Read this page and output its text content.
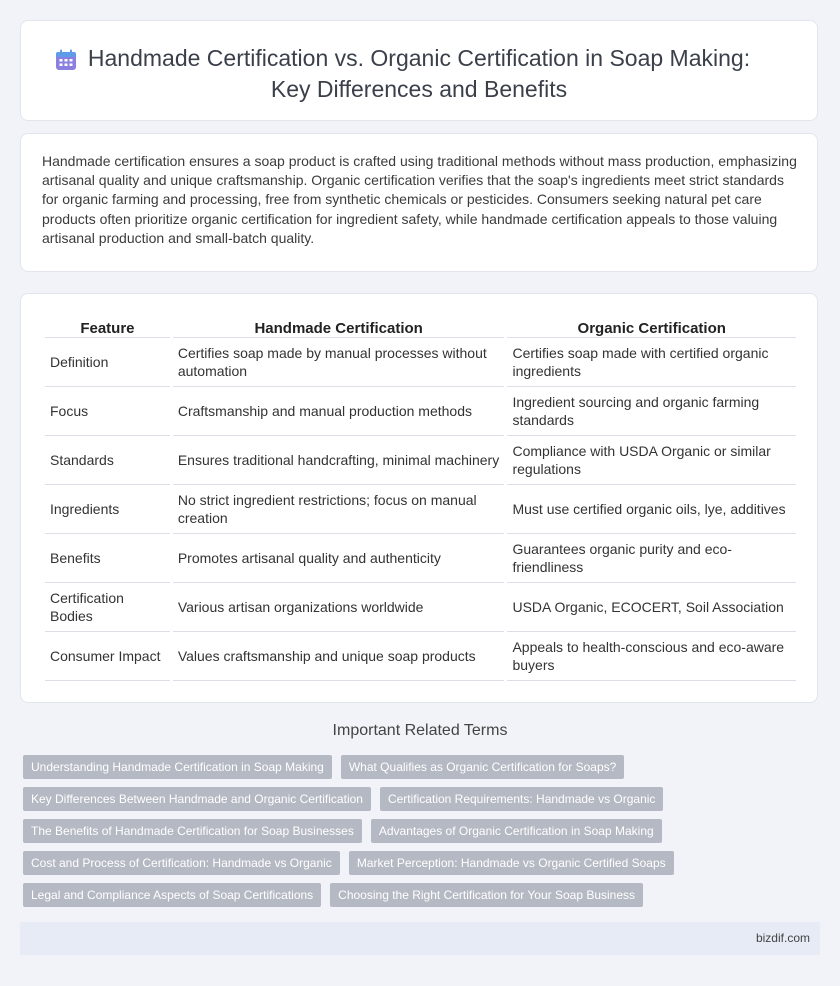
Handmade Certification vs. Organic Certification in Soap Making:
Key Differences and Benefits

Handmade certification ensures a soap product is crafted using traditional methods without mass production, emphasizing artisanal quality and unique craftsmanship. Organic certification verifies that the soap's ingredients meet strict standards for organic farming and processing, free from synthetic chemicals or pesticides. Consumers seeking natural pet care products often prioritize organic certification for ingredient safety, while handmade certification appeals to those valuing artisanal production and small-batch quality.

Feature	Handmade Certification	Organic Certification
Definition	Certifies soap made by manual processes without automation	Certifies soap made with certified organic ingredients
Focus	Craftsmanship and manual production methods	Ingredient sourcing and organic farming standards
Standards	Ensures traditional handcrafting, minimal machinery	Compliance with USDA Organic or similar regulations
Ingredients	No strict ingredient restrictions; focus on manual creation	Must use certified organic oils, lye, additives
Benefits	Promotes artisanal quality and authenticity	Guarantees organic purity and eco-friendliness
Certification Bodies	Various artisan organizations worldwide	USDA Organic, ECOCERT, Soil Association
Consumer Impact	Values craftsmanship and unique soap products	Appeals to health-conscious and eco-aware buyers
Important Related Terms
Understanding Handmade Certification in Soap Making	What Qualifies as Organic Certification for Soaps?
Key Differences Between Handmade and Organic Certification	Certification Requirements: Handmade vs Organic
The Benefits of Handmade Certification for Soap Businesses	Advantages of Organic Certification in Soap Making
Cost and Process of Certification: Handmade vs Organic	Market Perception: Handmade vs Organic Certified Soaps
Legal and Compliance Aspects of Soap Certifications	Choosing the Right Certification for Your Soap Business
bizdif.com
